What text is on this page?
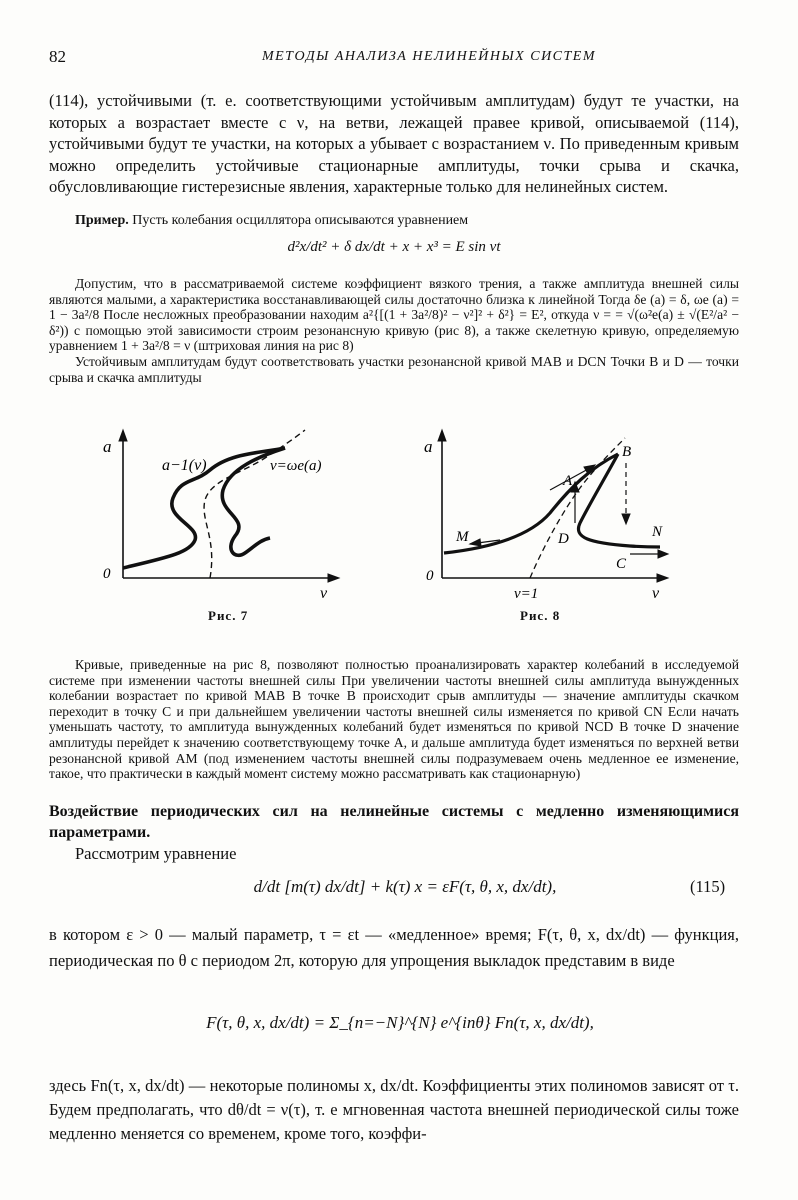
82	МЕТОДЫ АНАЛИЗА НЕЛИНЕЙНЫХ СИСТЕМ

(114), устойчивыми (т. е. соответствующими устойчивым амплитудам) будут те участки, на которых a возрастает вместе с ν, на ветви, лежащей правее кривой, описываемой (114), устойчивыми будут те участки, на которых a убывает с возрастанием ν. По приведенным кривым можно определить устойчивые стационарные амплитуды, точки срыва и скачка, обусловливающие гистерезисные явления, характерные только для нелинейных систем.

Пример. Пусть колебания осциллятора описываются уравнением

d²x/dt² + δ dx/dt + x + x³ = E sin νt

Допустим, что в рассматриваемой системе коэффициент вязкого трения, а также амплитуда внешней силы являются малыми, а характеристика восстанавливающей силы достаточно близка к линейной Тогда δe (a) = δ, ωe (a) = 1 − 3a²/8 После несложных преобразовании находим a²{[(1 + 3a²/8)² − ν²]² + δ²} = E², откуда ν = = √(ω²e(a) ± √(E²/a² − δ²)) с помощью этой зависимости строим резонансную кривую (рис 8), а также скелетную кривую, определяемую уравнением 1 + 3a²/8 = ν (штриховая линия на рис 8)

Устойчивым амплитудам будут соответствовать участки резонансной кривой MAB и DCN Точки B и D — точки срыва и скачка амплитуды

a
0
ν
a−1(ν)	ν=ωe(a)
Рис. 7
a
0
ν
ν=1
A
B
C
D
M	N
Рис. 8

Кривые, приведенные на рис 8, позволяют полностью проанализировать характер колебаний в исследуемой системе при изменении частоты внешней силы При увеличении частоты внешней силы амплитуда вынужденных колебании возрастает по кривой MAB В точке B происходит срыв амплитуды — значение амплитуды скачком переходит в точку C и при дальнейшем увеличении частоты внешней силы изменяется по кривой CN Если начать уменьшать частоту, то амплитуда вынужденных колебаний будет изменяться по кривой NCD В точке D значение амплитуды перейдет к значению соответствующему точке A, и дальше амплитуда будет изменяться по верхней ветви резонансной кривой AM (под изменением частоты внешней силы подразумеваем очень медленное ее изменение, такое, что практически в каждый момент систему можно рассматривать как стационарную)

Воздействие периодических сил на нелинейные системы с медленно изменяющимися параметрами.
Рассмотрим уравнение
d/dt [m(τ) dx/dt] + k(τ) x = εF(τ, θ, x, dx/dt),	(115)

в котором ε > 0 — малый параметр, τ = εt — «медленное» время; F(τ, θ, x, dx/dt) — функция, периодическая по θ с периодом 2π, которую для упрощения выкладок представим в виде

F(τ, θ, x, dx/dt) = Σ_{n=−N}^{N} e^{inθ} Fn(τ, x, dx/dt),

здесь Fn(τ, x, dx/dt) — некоторые полиномы x, dx/dt. Коэффициенты этих полиномов зависят от τ. Будем предполагать, что dθ/dt = ν(τ), т. е мгновенная частота внешней периодической силы тоже медленно меняется со временем, кроме того, коэффи-
